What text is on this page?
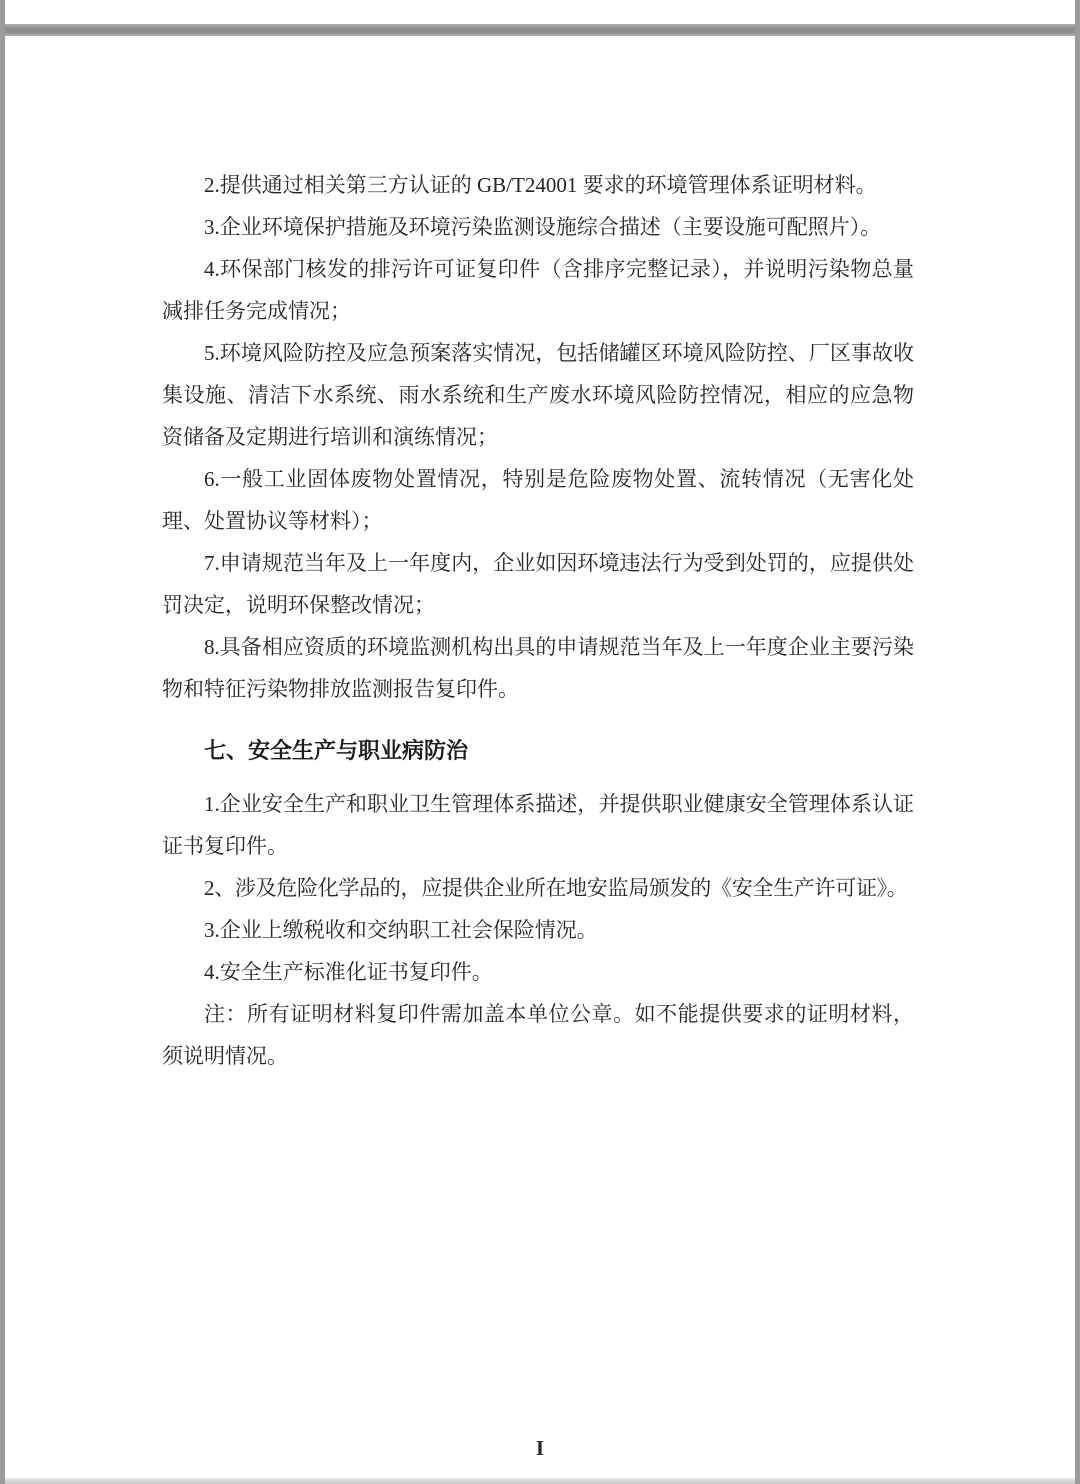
2.提供通过相关第三方认证的 GB/T24001 要求的环境管理体系证明材料。

3.企业环境保护措施及环境污染监测设施综合描述（主要设施可配照片）。

4.环保部门核发的排污许可证复印件（含排序完整记录），并说明污染物总量减排任务完成情况；

5.环境风险防控及应急预案落实情况，包括储罐区环境风险防控、厂区事故收集设施、清洁下水系统、雨水系统和生产废水环境风险防控情况，相应的应急物资储备及定期进行培训和演练情况；

6.一般工业固体废物处置情况，特别是危险废物处置、流转情况（无害化处理、处置协议等材料）；

7.申请规范当年及上一年度内，企业如因环境违法行为受到处罚的，应提供处罚决定，说明环保整改情况；

8.具备相应资质的环境监测机构出具的申请规范当年及上一年度企业主要污染物和特征污染物排放监测报告复印件。

七、安全生产与职业病防治

1.企业安全生产和职业卫生管理体系描述，并提供职业健康安全管理体系认证证书复印件。

2、涉及危险化学品的，应提供企业所在地安监局颁发的《安全生产许可证》。

3.企业上缴税收和交纳职工社会保险情况。

4.安全生产标准化证书复印件。

注：所有证明材料复印件需加盖本单位公章。如不能提供要求的证明材料，须说明情况。

I
